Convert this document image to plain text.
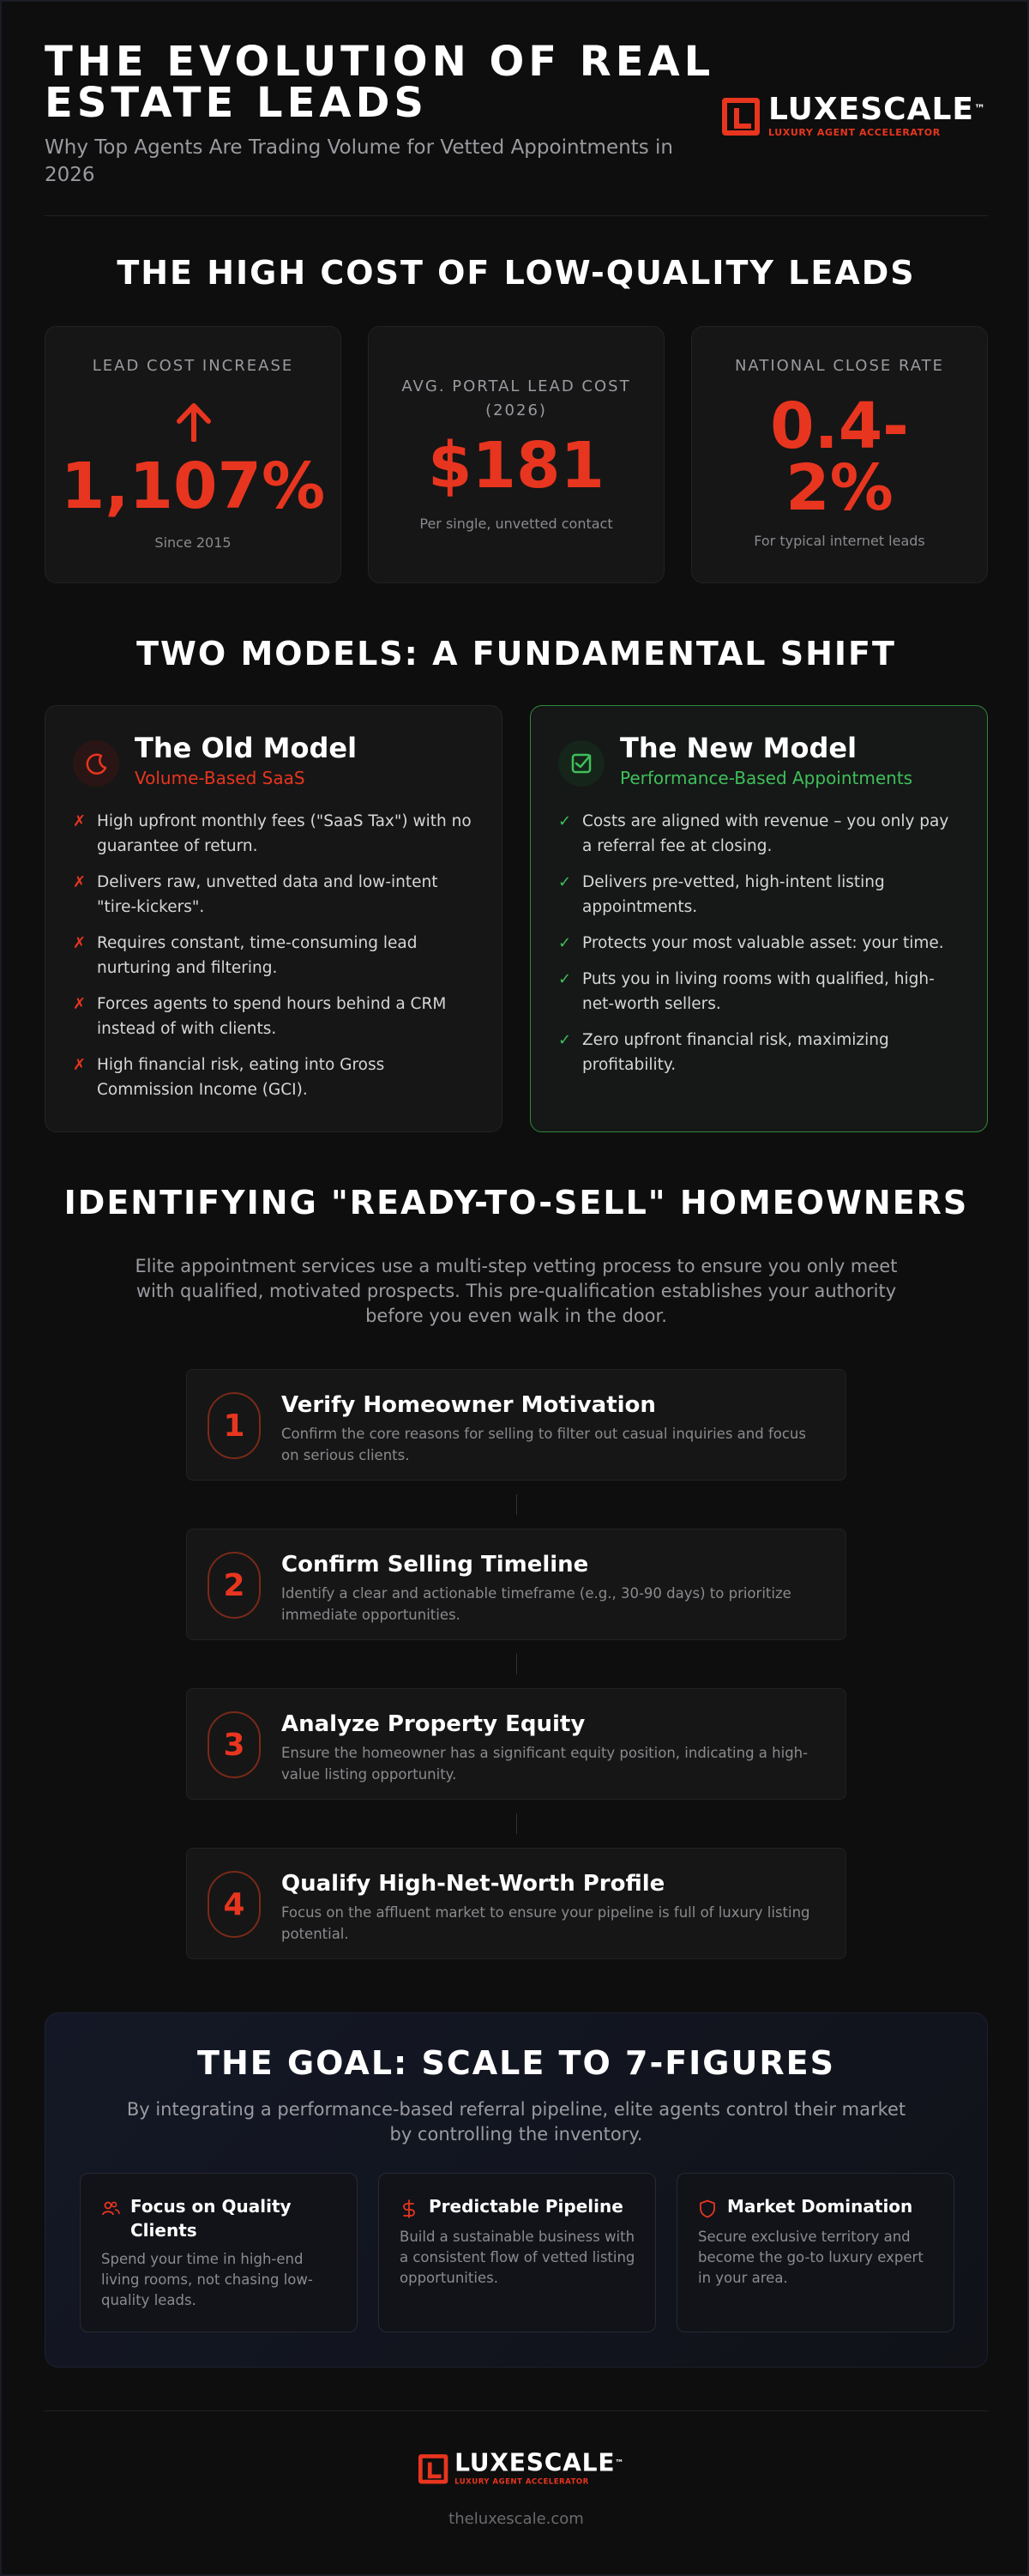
THE EVOLUTION OF REAL ESTATE LEADS
Why Top Agents Are Trading Volume for Vetted Appointments in 2026
LUXESCALE™
LUXURY AGENT ACCELERATOR
THE HIGH COST OF LOW-QUALITY LEADS
LEAD COST INCREASE
1,107%
Since 2015
AVG. PORTAL LEAD COST (2026)
$181
Per single, unvetted contact
NATIONAL CLOSE RATE
0.4-2%
For typical internet leads
TWO MODELS: A FUNDAMENTAL SHIFT
The Old Model
Volume-Based SaaS
✗ High upfront monthly fees ("SaaS Tax") with no guarantee of return.
✗ Delivers raw, unvetted data and low-intent "tire-kickers".
✗ Requires constant, time-consuming lead nurturing and filtering.
✗ Forces agents to spend hours behind a CRM instead of with clients.
✗ High financial risk, eating into Gross Commission Income (GCI).
The New Model
Performance-Based Appointments
✓ Costs are aligned with revenue – you only pay a referral fee at closing.
✓ Delivers pre-vetted, high-intent listing appointments.
✓ Protects your most valuable asset: your time.
✓ Puts you in living rooms with qualified, high-net-worth sellers.
✓ Zero upfront financial risk, maximizing profitability.
IDENTIFYING "READY-TO-SELL" HOMEOWNERS
Elite appointment services use a multi-step vetting process to ensure you only meet with qualified, motivated prospects. This pre-qualification establishes your authority before you even walk in the door.
1
Verify Homeowner Motivation
Confirm the core reasons for selling to filter out casual inquiries and focus on serious clients.
2
Confirm Selling Timeline
Identify a clear and actionable timeframe (e.g., 30-90 days) to prioritize immediate opportunities.
3
Analyze Property Equity
Ensure the homeowner has a significant equity position, indicating a high-value listing opportunity.
4
Qualify High-Net-Worth Profile
Focus on the affluent market to ensure your pipeline is full of luxury listing potential.
THE GOAL: SCALE TO 7-FIGURES
By integrating a performance-based referral pipeline, elite agents control their market by controlling the inventory.
Focus on Quality Clients
Spend your time in high-end living rooms, not chasing low-quality leads.
Predictable Pipeline
Build a sustainable business with a consistent flow of vetted listing opportunities.
Market Domination
Secure exclusive territory and become the go-to luxury expert in your area.
LUXESCALE™
LUXURY AGENT ACCELERATOR
theluxescale.com
